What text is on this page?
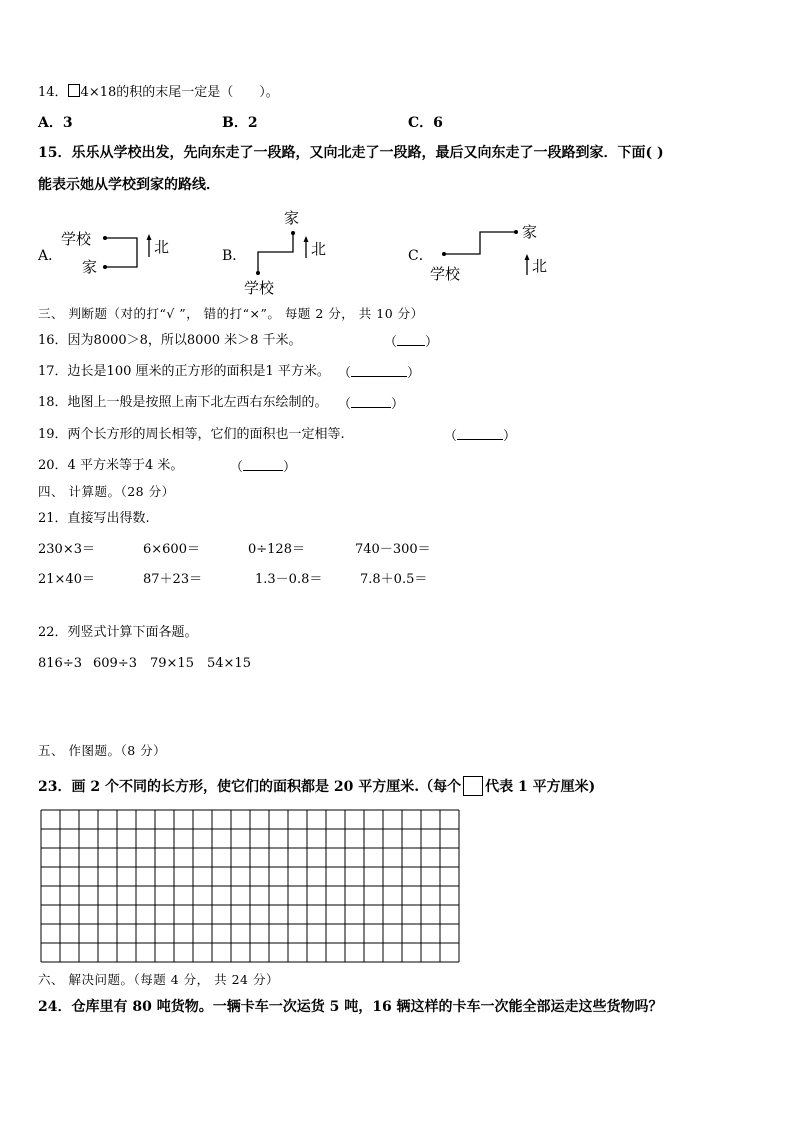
14． 4×18的积的末尾一定是（　　）。
A．3	B．2	C．6
15．乐乐从学校出发，先向东走了一段路，又向北走了一段路，最后又向东走了一段路到家．下面( )
能表示她从学校到家的路线．
A．	B．	C．
学校
家
北
家
学校
北
家
学校	北
三、 判断题（对的打“√ ”， 错的打“×”。 每题 2 分， 共 10 分）
16．因为8000＞8，所以8000 米＞8 千米。	（ ）
17．边长是100 厘米的正方形的面积是1 平方米。 （	）
18．地图上一般是按照上南下北左西右东绘制的。 （	）
19．两个长方形的周长相等，它们的面积也一定相等.	（	）
20．4 平方米等于4 米。	（	）
四、 计算题。（28 分）
21．直接写出得数.
230×3＝	6×600＝	0÷128＝	740－300＝
21×40＝	87＋23＝	1.3－0.8＝	7.8＋0.5＝
22．列竖式计算下面各题。
816÷3 609÷3 79×15 54×15
五、 作图题。（8 分）
23．画 2 个不同的长方形，使它们的面积都是 20 平方厘米.（每个 代表 1 平方厘米)
六、 解决问题。（每题 4 分， 共 24 分）
24．仓库里有 80 吨货物。一辆卡车一次运货 5 吨，16 辆这样的卡车一次能全部运走这些货物吗？
